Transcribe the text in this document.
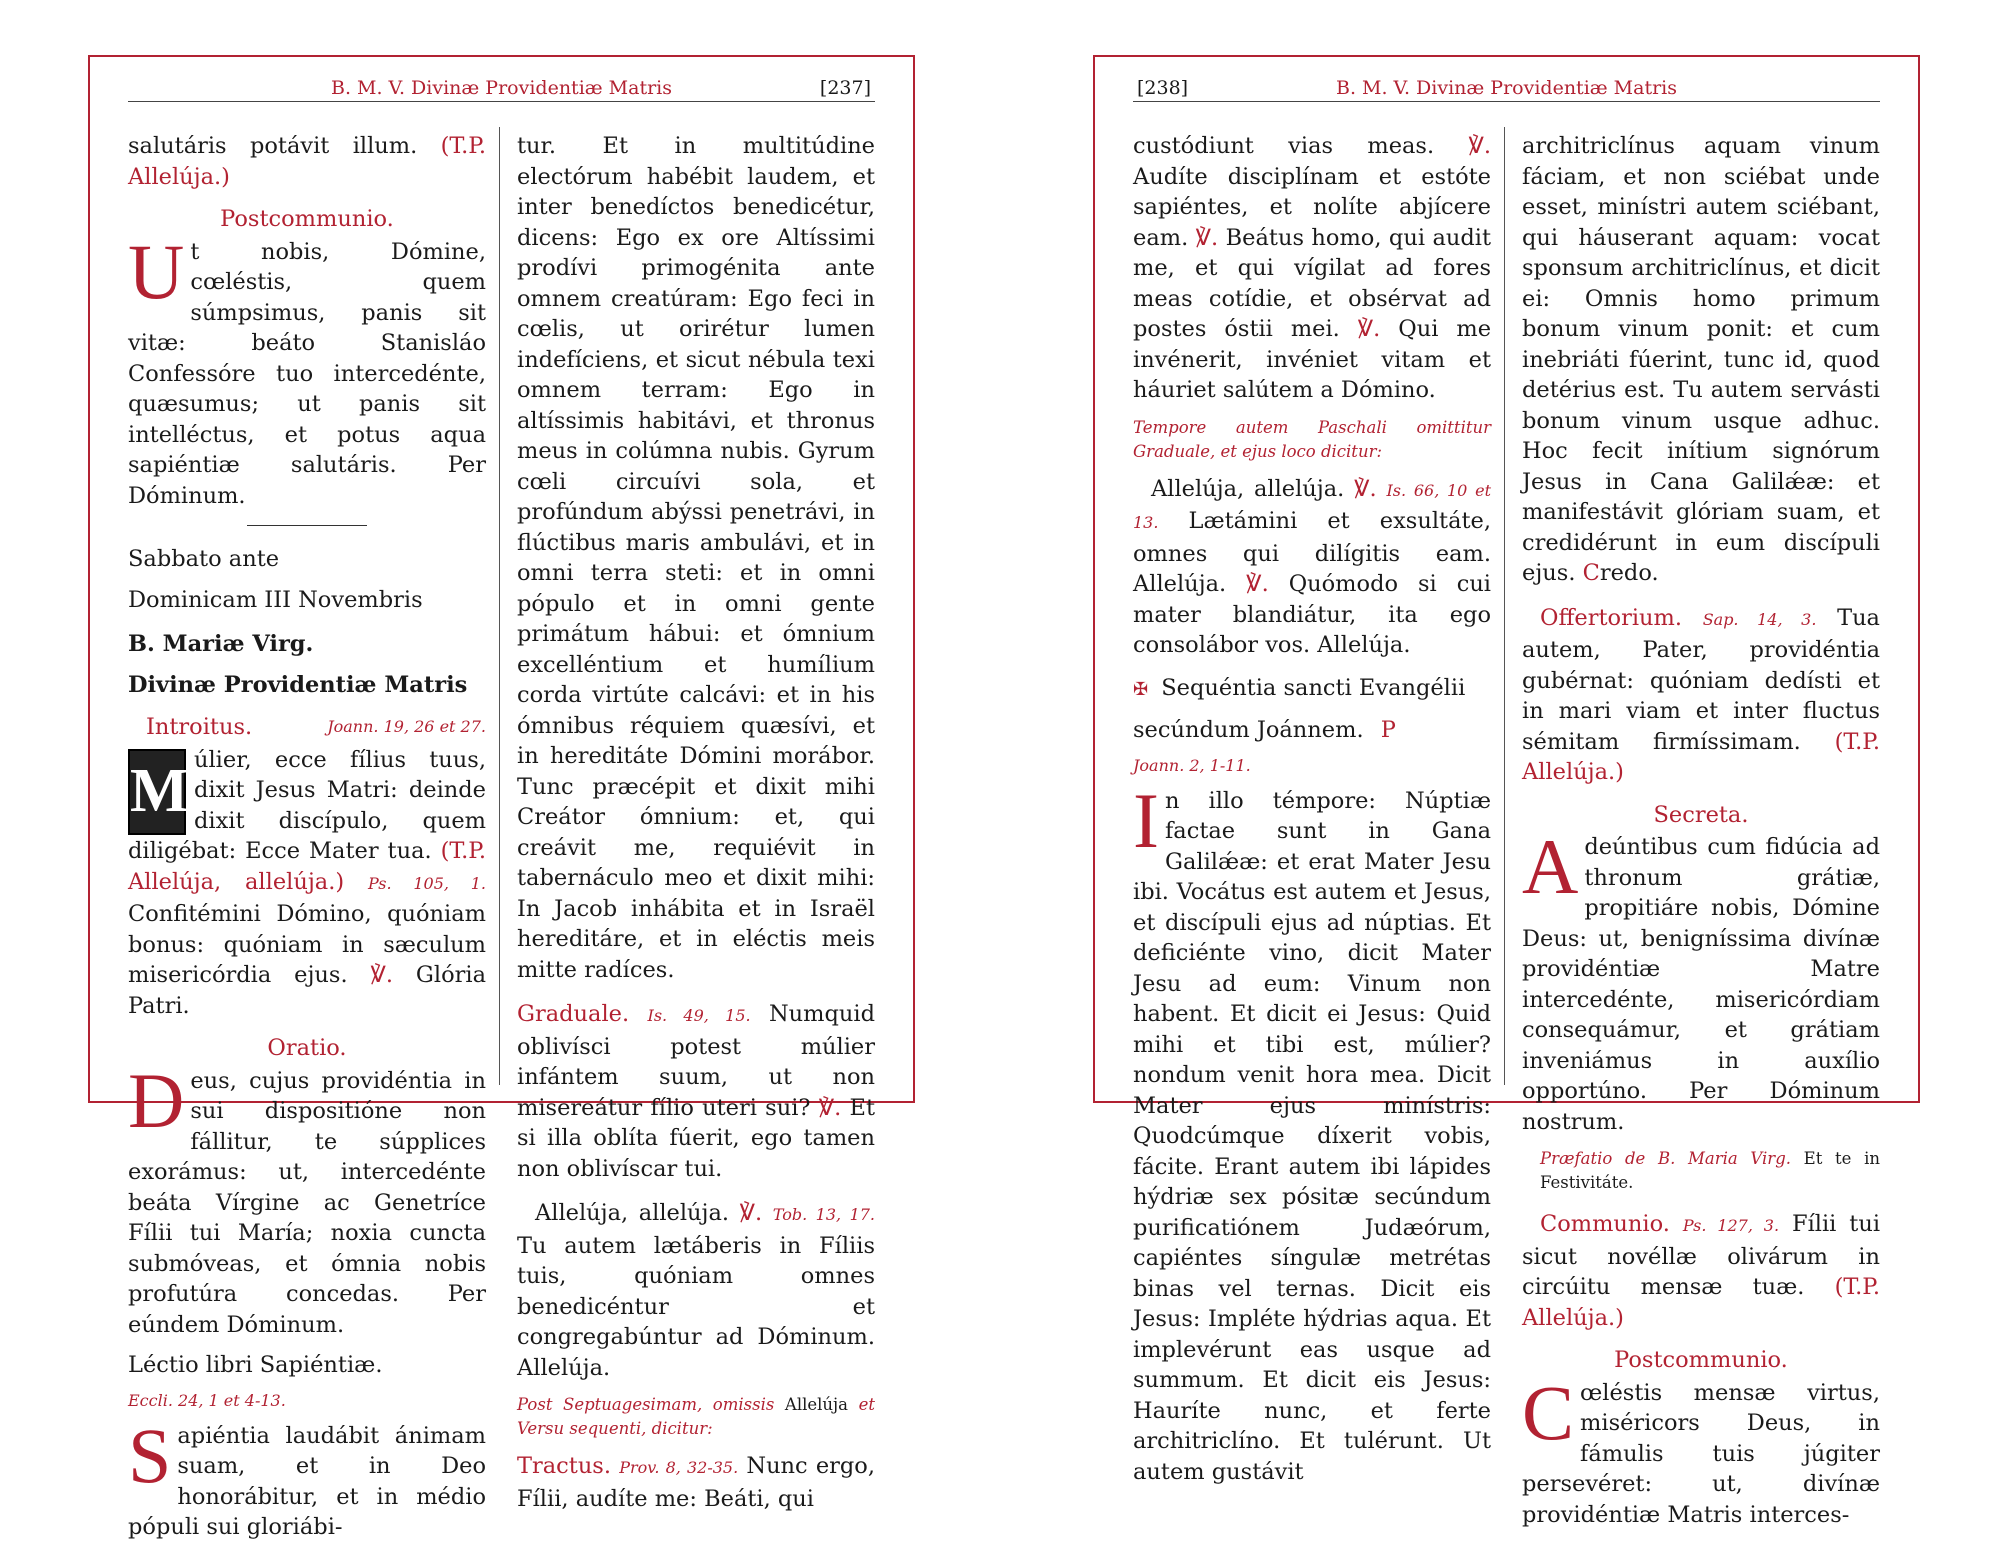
B. M. V. Divinæ Providentiæ Matris	[237]

salutáris potávit illum. (T.P. Allelúja.)

Postcommunio.

U t nobis, Dómine, cœléstis, quem súmpsimus, panis sit vitæ: beáto Stanisláo Confessóre tuo intercedénte, quæsumus; ut panis sit intelléctus, et potus aqua sapiéntiæ salutáris. Per Dóminum.

Sabbato ante

Dominicam III Novembris

B. Mariæ Virg.

Divinæ Providentiæ Matris

Introitus.	Joann. 19, 26 et 27.

M úlier, ecce fílius tuus, dixit Jesus Matri: deinde dixit discípulo, quem diligébat: Ecce Mater tua. (T.P. Allelúja, allelúja.) Ps. 105, 1. Confitémini Dómino, quóniam bonus: quóniam in sæculum misericórdia ejus. ℣. Glória Patri.

Oratio.

D eus, cujus providéntia in sui dispositióne non fállitur, te súpplices exorámus: ut, intercedénte beáta Vírgine ac Genetríce Fílii tui María; noxia cuncta submóveas, et ómnia nobis profutúra concedas. Per eúndem Dóminum.

Léctio libri Sapiéntiæ.

Eccli. 24, 1 et 4-13.

S apiéntia laudábit ánimam suam, et in Deo honorábitur, et in médio pópuli sui gloriábi-

tur. Et in multitúdine electórum habébit laudem, et inter benedíctos benedicétur, dicens: Ego ex ore Altíssimi prodívi primogénita ante omnem creatúram: Ego feci in cœlis, ut orirétur lumen indefíciens, et sicut nébula texi omnem terram: Ego in altíssimis habitávi, et thronus meus in colúmna nubis. Gyrum cœli circuívi sola, et profúndum abýssi penetrávi, in flúctibus maris ambulávi, et in omni terra steti: et in omni pópulo et in omni gente primátum hábui: et ómnium excelléntium et humílium corda virtúte calcávi: et in his ómnibus réquiem quæsívi, et in hereditáte Dómini morábor. Tunc præcépit et dixit mihi Creátor ómnium: et, qui creávit me, requiévit in tabernáculo meo et dixit mihi: In Jacob inhábita et in Israël hereditáre, et in eléctis meis mitte radíces.

Graduale. Is. 49, 15. Numquid oblivísci potest múlier infántem suum, ut non misereátur fílio uteri sui? ℣. Et si illa oblíta fúerit, ego tamen non oblivíscar tui.

Allelúja, allelúja. ℣. Tob. 13, 17. Tu autem lætáberis in Fíliis tuis, quóniam omnes benedicéntur et congregabúntur ad Dóminum. Allelúja.

Post Septuagesimam, omissis Allelúja et Versu sequenti, dicitur:

Tractus. Prov. 8, 32-35. Nunc ergo, Fílii, audíte me: Beáti, qui

[238]	B. M. V. Divinæ Providentiæ Matris

custódiunt vias meas. ℣. Audíte disciplínam et estóte sapiéntes, et nolíte abjícere eam. ℣. Beátus homo, qui audit me, et qui vígilat ad fores meas cotídie, et obsérvat ad postes óstii mei. ℣. Qui me invénerit, invéniet vitam et háuriet salútem a Dómino.

Tempore autem Paschali omittitur Graduale, et ejus loco dicitur:

Allelúja, allelúja. ℣. Is. 66, 10 et 13. Lætámini et exsultáte, omnes qui dilígitis eam. Allelúja. ℣. Quómodo si cui mater blandiátur, ita ego consolábor vos. Allelúja.

✠ Sequéntia sancti Evangélii

secúndum Joánnem. P

Joann. 2, 1-11.

I n illo témpore: Núptiæ factae sunt in Gana Galilǽæ: et erat Mater Jesu ibi. Vocátus est autem et Jesus, et discípuli ejus ad núptias. Et deficiénte vino, dicit Mater Jesu ad eum: Vinum non habent. Et dicit ei Jesus: Quid mihi et tibi est, múlier? nondum venit hora mea. Dicit Mater ejus minístris: Quodcúmque díxerit vobis, fácite. Erant autem ibi lápides hýdriæ sex pósitæ secúndum purificatiónem Judæórum, capiéntes síngulæ metrétas binas vel ternas. Dicit eis Jesus: Impléte hýdrias aqua. Et implevérunt eas usque ad summum. Et dicit eis Jesus: Hauríte nunc, et ferte architriclíno. Et tulérunt. Ut autem gustávit

architriclínus aquam vinum fáciam, et non sciébat unde esset, minístri autem sciébant, qui háuserant aquam: vocat sponsum architriclínus, et dicit ei: Omnis homo primum bonum vinum ponit: et cum inebriáti fúerint, tunc id, quod detérius est. Tu autem servásti bonum vinum usque adhuc. Hoc fecit inítium signórum Jesus in Cana Galilǽæ: et manifestávit glóriam suam, et credidérunt in eum discípuli ejus. Credo.

Offertorium. Sap. 14, 3. Tua autem, Pater, providéntia gubérnat: quóniam dedísti et in mari viam et inter fluctus sémitam firmíssimam. (T.P. Allelúja.)

Secreta.

A deúntibus cum fidúcia ad thronum grátiæ, propitiáre nobis, Dómine Deus: ut, benigníssima divínæ providéntiæ Matre intercedénte, misericórdiam consequámur, et grátiam inveniámus in auxílio opportúno. Per Dóminum nostrum.

Præfatio de B. Maria Virg. Et te in Festivitáte.

Communio. Ps. 127, 3. Fílii tui sicut novéllæ olivárum in circúitu mensæ tuæ. (T.P. Allelúja.)

Postcommunio.

C œléstis mensæ virtus, miséricors Deus, in fámulis tuis júgiter persevéret: ut, divínæ providéntiæ Matris interces-
